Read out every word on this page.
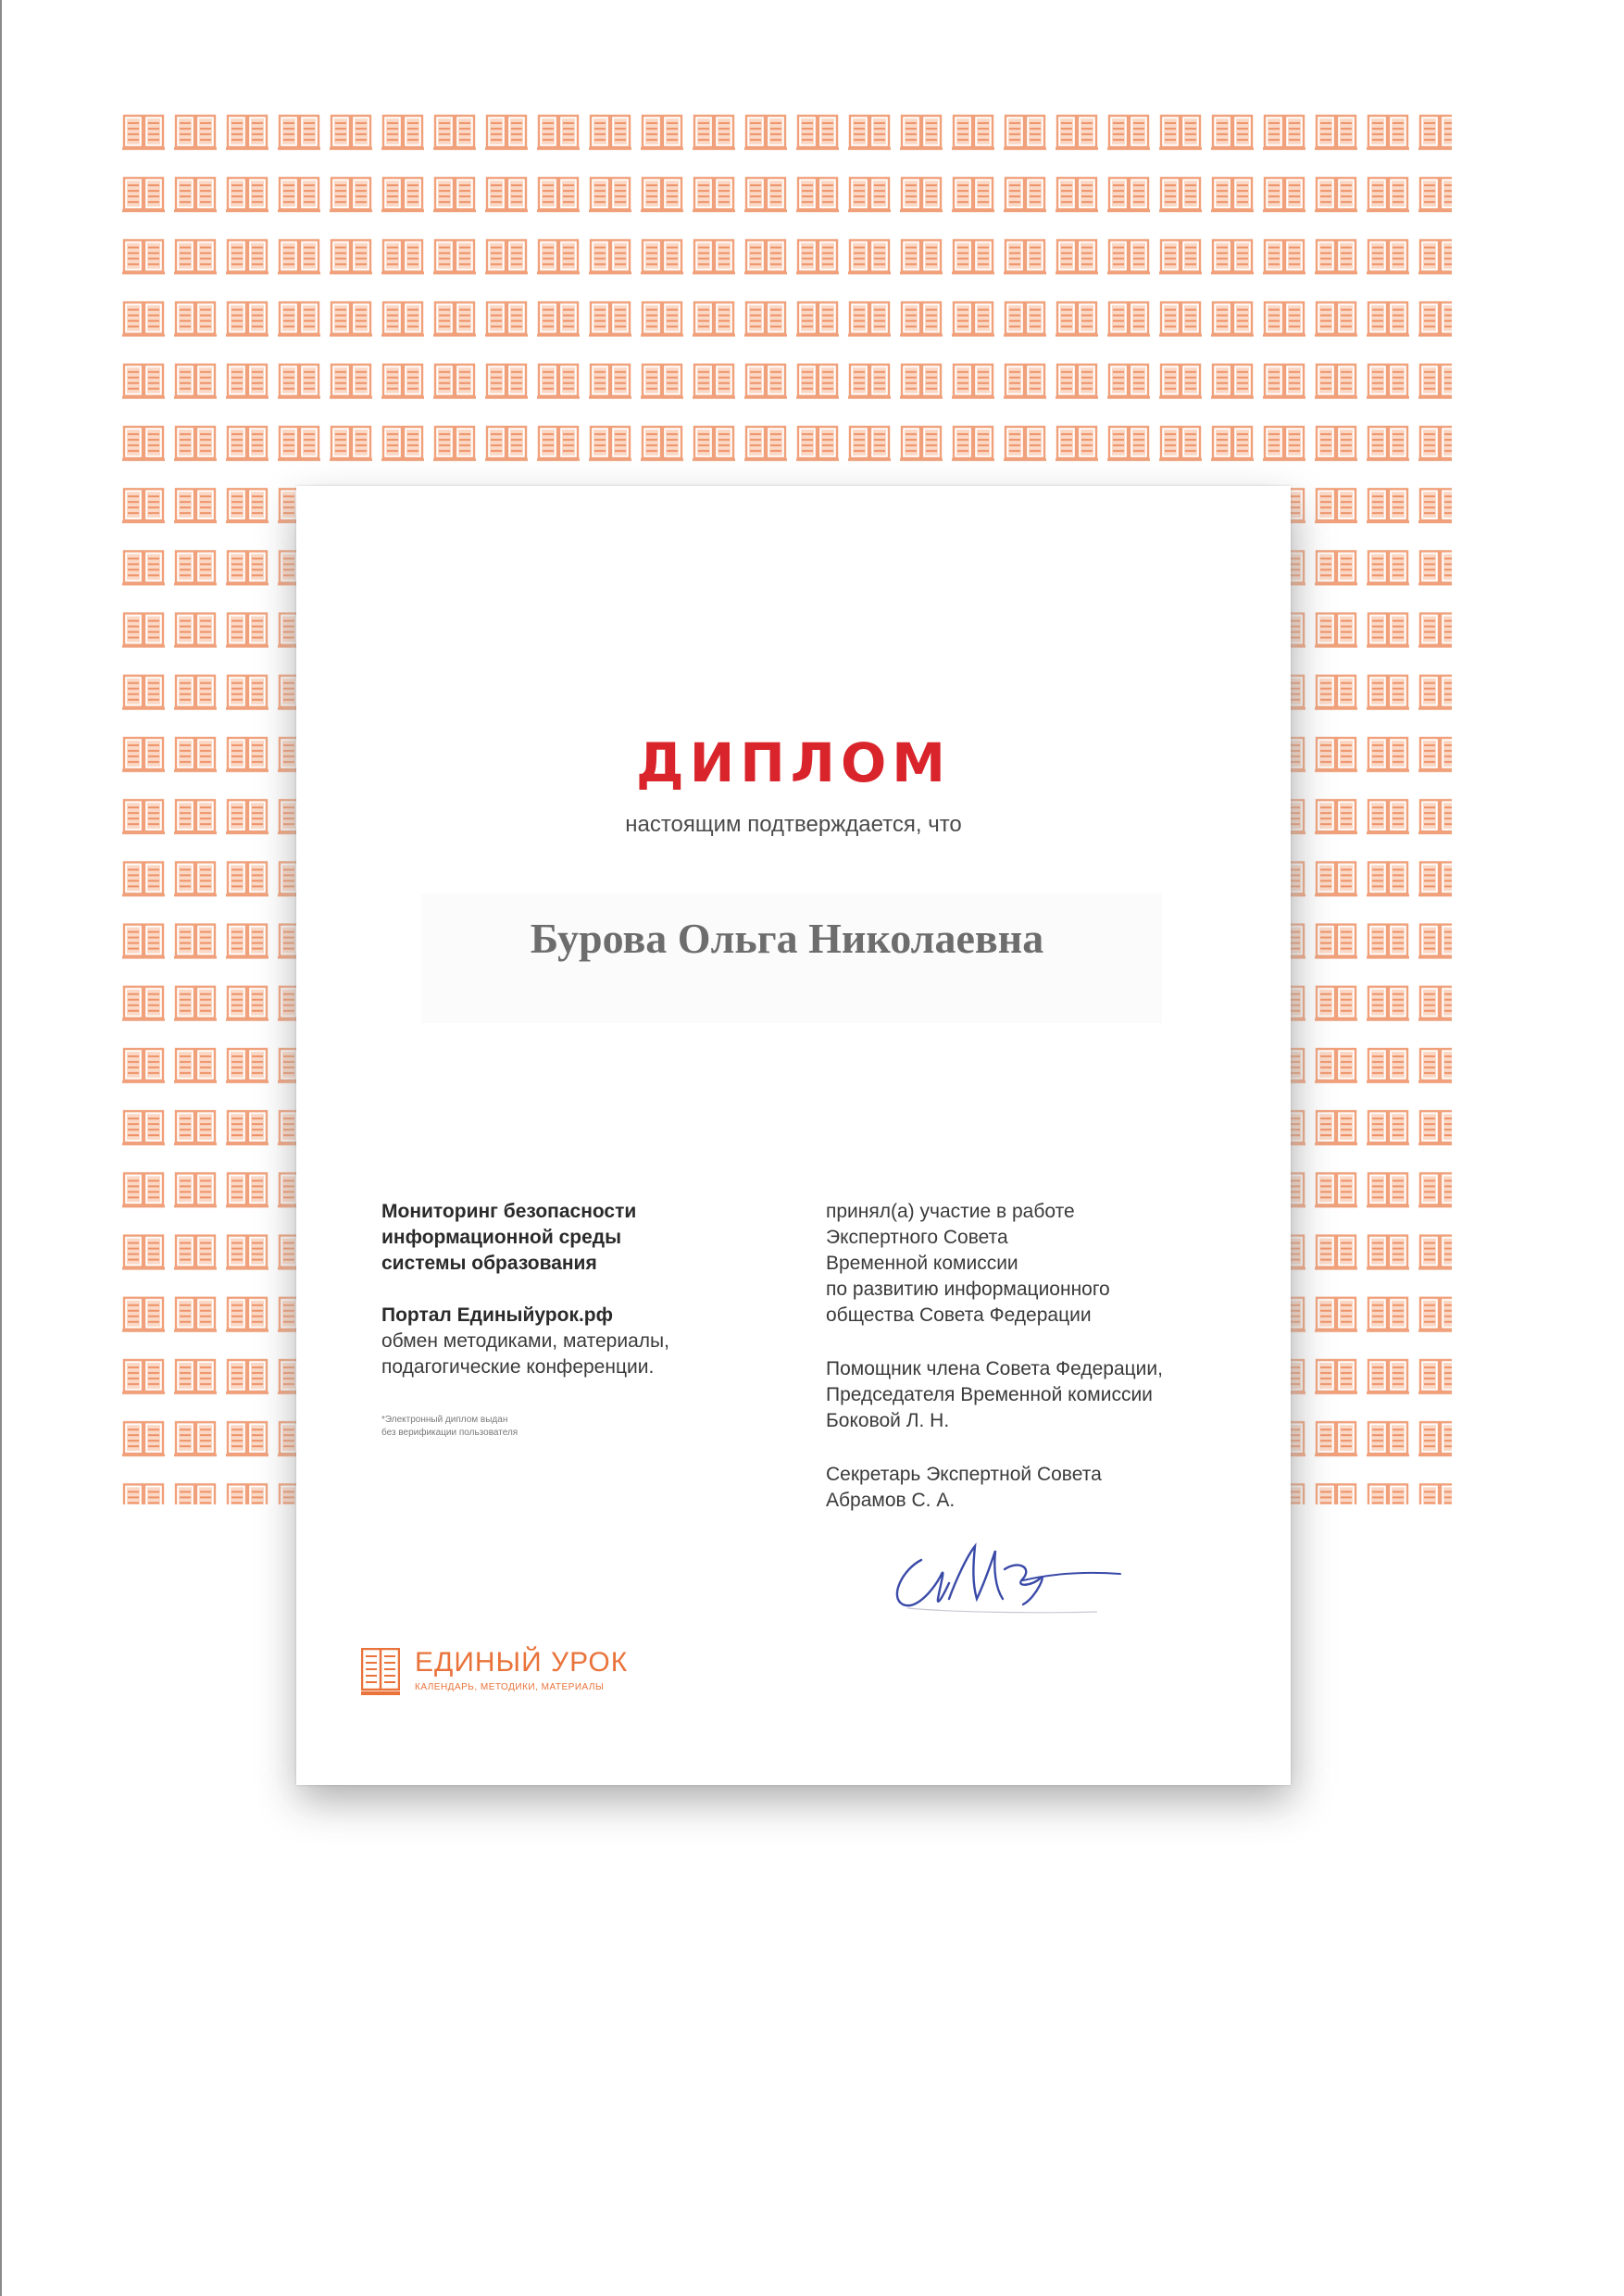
ДИПЛОМ
настоящим подтверждается, что
Бурова Ольга Николаевна
Мониторинг безопасности
информационной среды
системы образования
Портал Единыйурок.рф
обмен методиками, материалы,
подагогические конференции.
*Электронный диплом выдан
без верификации пользователя
принял(а) участие в работе
Экспертного Совета
Временной комиссии
по развитию информационного
общества Совета Федерации
Помощник члена Совета Федерации,
Председателя Временной комиссии
Боковой Л. Н.
Секретарь Экспертной Совета
Абрамов С. А.
ЕДИНЫЙ УРОК
КАЛЕНДАРЬ, МЕТОДИКИ, МАТЕРИАЛЫ
